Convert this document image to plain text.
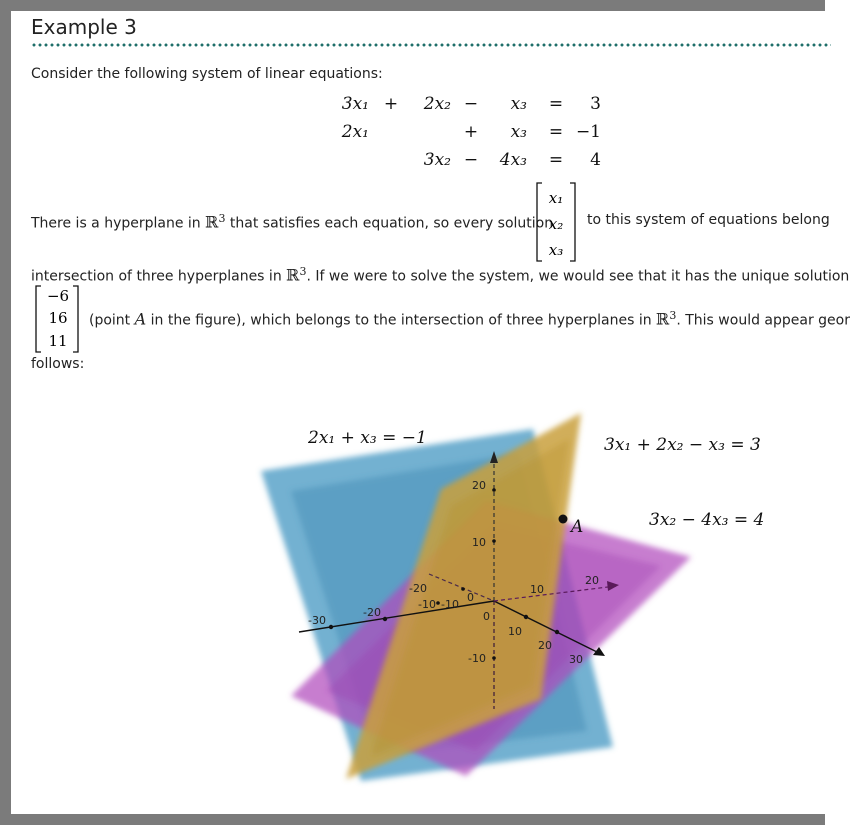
Example 3
Consider the following system of linear equations:
3x₁ + 2x₂ − x₃ = 3
2x₁	+ x₃ = −1
3x₂ − 4x₃ = 4
There is a hyperplane in ℝ$^3$ that satisfies each equation, so every solution
x₁
x₂
x₃
to this system of equations belong
intersection of three hyperplanes in ℝ$^3$. If we were to solve the system, we would see that it has the unique solution
−6
16
11
(point A in the figure), which belongs to the intersection of three hyperplanes in ℝ$^3$. This would appear geor
follows:
20
10
0
-10
-30
-20
10
20
30
-20
-10 -10
0
10
20
A
2x₁ + x₃ = −1	3x₁ + 2x₂ − x₃ = 3
3x₂ − 4x₃ = 4
